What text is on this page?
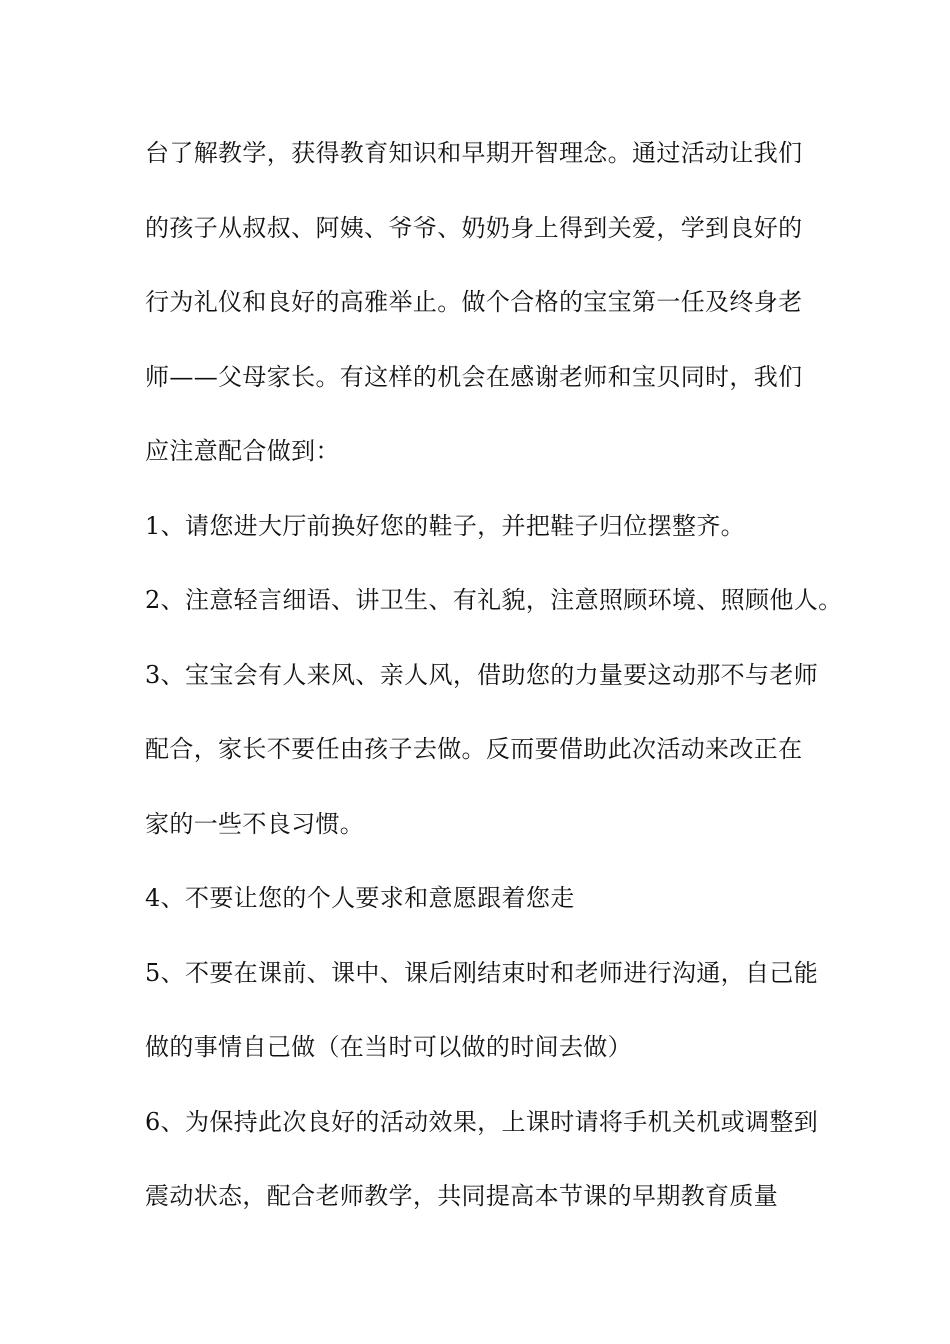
台了解教学，获得教育知识和早期开智理念。通过活动让我们
的孩子从叔叔、阿姨、爷爷、奶奶身上得到关爱，学到良好的
行为礼仪和良好的高雅举止。做个合格的宝宝第一任及终身老
师——父母家长。有这样的机会在感谢老师和宝贝同时，我们
应注意配合做到：
1、请您进大厅前换好您的鞋子，并把鞋子归位摆整齐。
2、注意轻言细语、讲卫生、有礼貌，注意照顾环境、照顾他人。
3、宝宝会有人来风、亲人风，借助您的力量要这动那不与老师
配合，家长不要任由孩子去做。反而要借助此次活动来改正在
家的一些不良习惯。
4、不要让您的个人要求和意愿跟着您走
5、不要在课前、课中、课后刚结束时和老师进行沟通，自己能
做的事情自己做（在当时可以做的时间去做）
6、为保持此次良好的活动效果，上课时请将手机关机或调整到
震动状态，配合老师教学，共同提高本节课的早期教育质量
